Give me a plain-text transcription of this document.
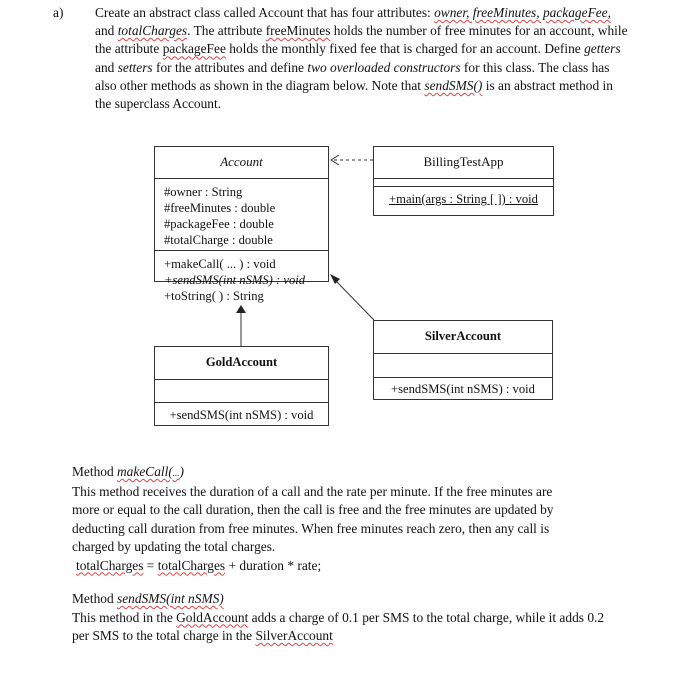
a) Create an abstract class called Account that has four attributes: owner, freeMinutes, packageFee,
and totalCharges. The attribute freeMinutes holds the number of free minutes for an account, while
the attribute packageFee holds the monthly fixed fee that is charged for an account. Define getters
and setters for the attributes and define two overloaded constructors for this class. The class has
also other methods as shown in the diagram below. Note that sendSMS() is an abstract method in
the superclass Account.
Account
#owner : String
#freeMinutes : double
#packageFee : double
#totalCharge : double
+makeCall( ... ) : void
+sendSMS(int nSMS) : void
+toString( ) : String
BillingTestApp
+main(args : String [ ]) : void
SilverAccount
+sendSMS(int nSMS) : void
GoldAccount
+sendSMS(int nSMS) : void
Method makeCall(...)
This method receives the duration of a call and the rate per minute. If the free minutes are
more or equal to the call duration, then the call is free and the free minutes are updated by
deducting call duration from free minutes. When free minutes reach zero, then any call is
charged by updating the total charges.
totalCharges = totalCharges + duration * rate;
Method sendSMS(int nSMS)
This method in the GoldAccount adds a charge of 0.1 per SMS to the total charge, while it adds 0.2
per SMS to the total charge in the SilverAccount
